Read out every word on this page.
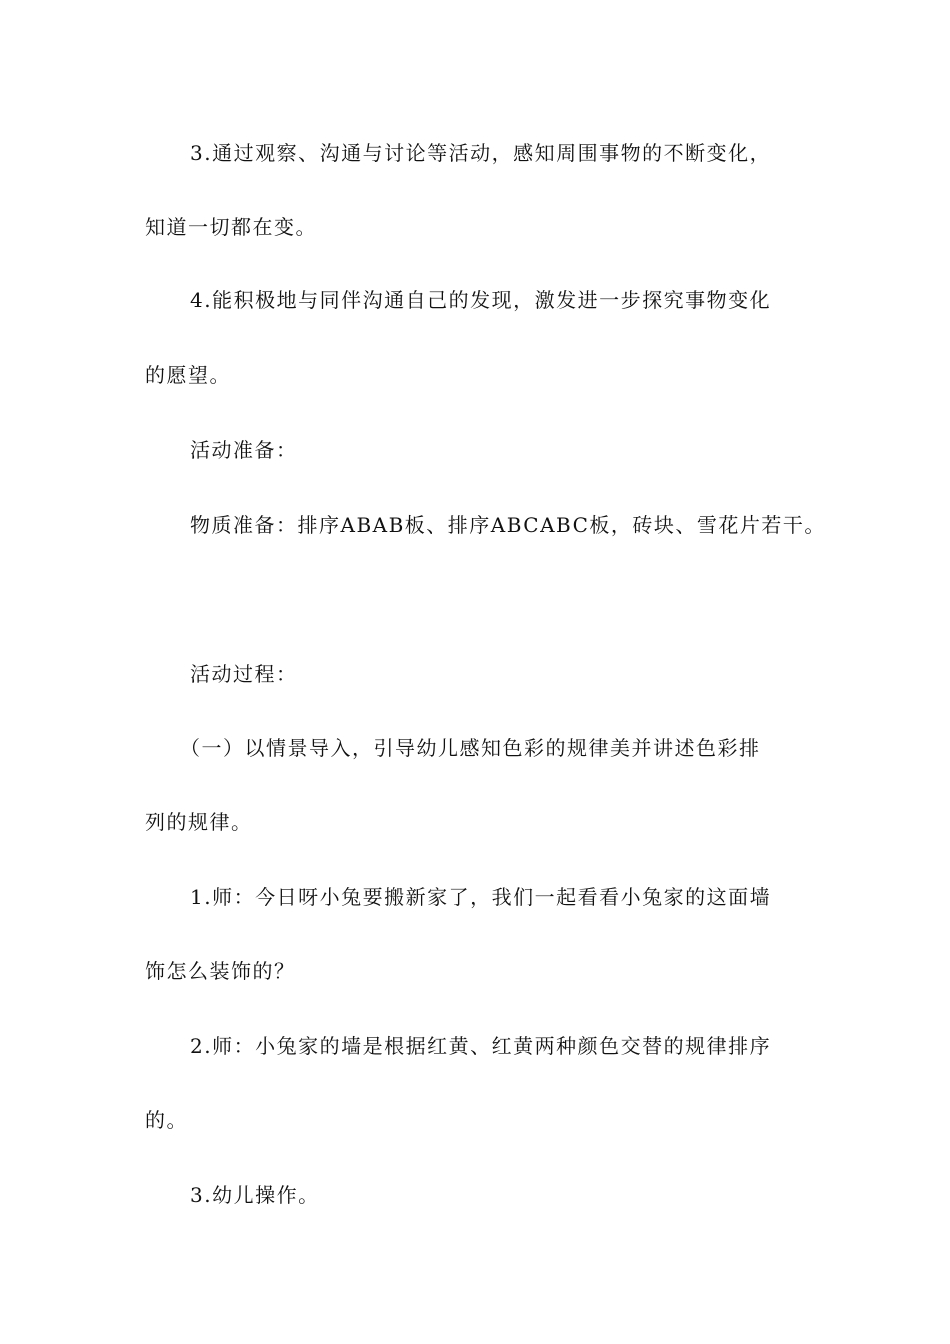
3.通过观察、沟通与讨论等活动，感知周围事物的不断变化，
知道一切都在变。
4.能积极地与同伴沟通自己的发现，激发进一步探究事物变化
的愿望。
活动准备：
物质准备：排序ABAB板、排序ABCABC板，砖块、雪花片若干。
活动过程：
（一）以情景导入，引导幼儿感知色彩的规律美并讲述色彩排
列的规律。
1.师：今日呀小兔要搬新家了，我们一起看看小兔家的这面墙
饰怎么装饰的？
2.师：小兔家的墙是根据红黄、红黄两种颜色交替的规律排序
的。
3.幼儿操作。
